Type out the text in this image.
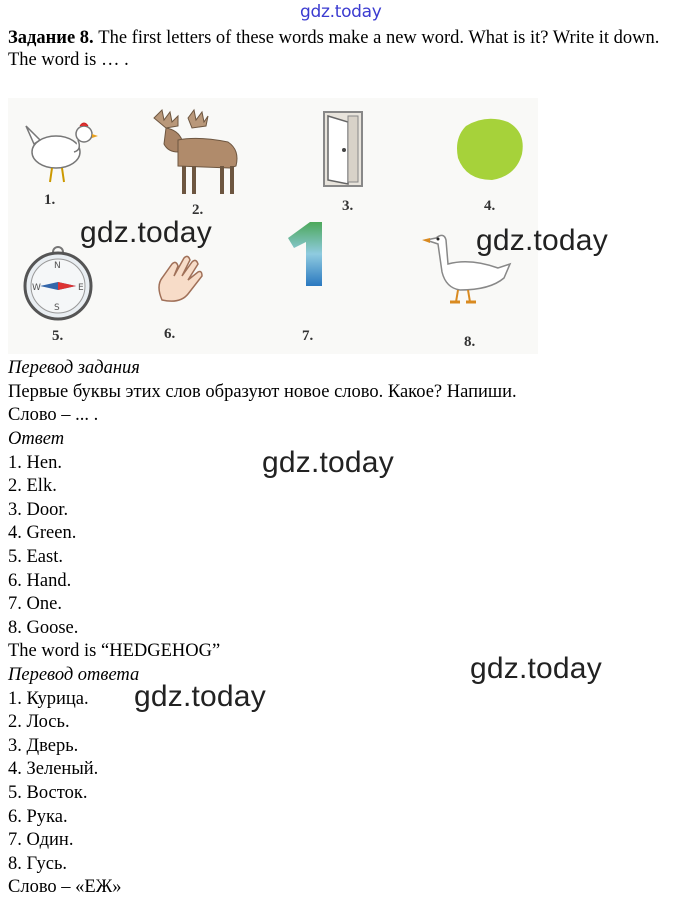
gdz.today
Задание 8. The first letters of these words make a new word. What is it? Write it down.
The word is … .
1.
2.	3.	4.
N
E
S
W
5.	6.	7.	8.
Перевод задания
Первые буквы этих слов образуют новое слово. Какое? Напиши.
Слово – ... .
Ответ
1. Hen.
2. Elk.
3. Door.
4. Green.
5. East.
6. Hand.
7. One.
8. Goose.
The word is “HEDGEHOG”
Перевод ответа
1. Курица.
2. Лось.
3. Дверь.
4. Зеленый.
5. Восток.
6. Рука.
7. Один.
8. Гусь.
Слово – «ЕЖ»
gdz.today	gdz.today
gdz.today
gdz.today
gdz.today
